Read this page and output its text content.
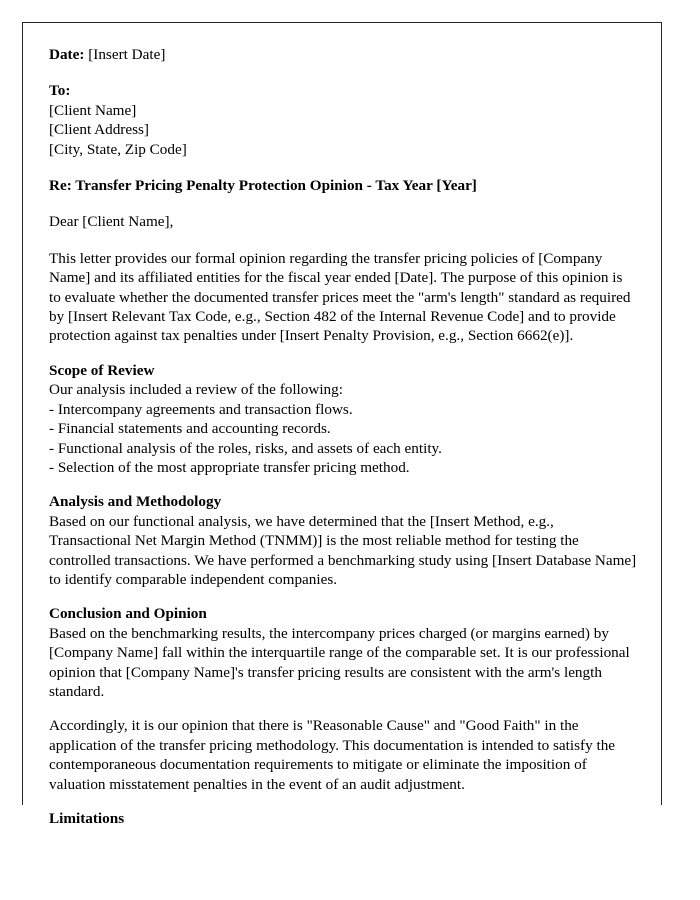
Date: [Insert Date]
To:
[Client Name]
[Client Address]
[City, State, Zip Code]
Re: Transfer Pricing Penalty Protection Opinion - Tax Year [Year]
Dear [Client Name],

This letter provides our formal opinion regarding the transfer pricing policies of [Company Name] and its affiliated entities for the fiscal year ended [Date]. The purpose of this opinion is to evaluate whether the documented transfer prices meet the "arm's length" standard as required by [Insert Relevant Tax Code, e.g., Section 482 of the Internal Revenue Code] and to provide protection against tax penalties under [Insert Penalty Provision, e.g., Section 6662(e)].

Scope of Review
Our analysis included a review of the following:
- Intercompany agreements and transaction flows.
- Financial statements and accounting records.
- Functional analysis of the roles, risks, and assets of each entity.
- Selection of the most appropriate transfer pricing method.
Analysis and Methodology

Based on our functional analysis, we have determined that the [Insert Method, e.g., Transactional Net Margin Method (TNMM)] is the most reliable method for testing the controlled transactions. We have performed a benchmarking study using [Insert Database Name] to identify comparable independent companies.

Conclusion and Opinion

Based on the benchmarking results, the intercompany prices charged (or margins earned) by [Company Name] fall within the interquartile range of the comparable set. It is our professional opinion that [Company Name]'s transfer pricing results are consistent with the arm's length standard.

Accordingly, it is our opinion that there is "Reasonable Cause" and "Good Faith" in the application of the transfer pricing methodology. This documentation is intended to satisfy the contemporaneous documentation requirements to mitigate or eliminate the imposition of valuation misstatement penalties in the event of an audit adjustment.

Limitations
